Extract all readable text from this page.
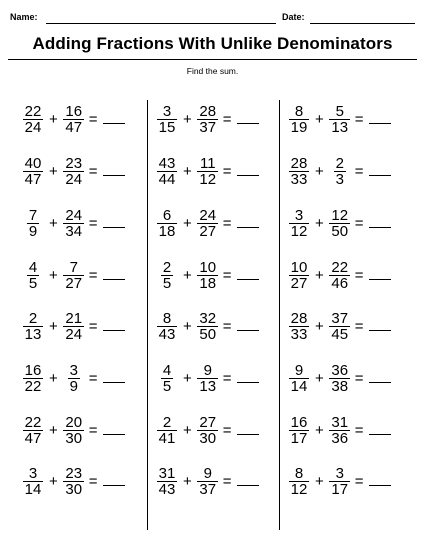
Name:	Date:
Adding Fractions With Unlike Denominators
Find the sum.
$\frac{22}{24} + \frac{16}{47}$ =
$\frac{40}{47} + \frac{23}{24}$ =
$\frac{7}{9} + \frac{24}{34}$ =
$\frac{4}{5} + \frac{7}{27}$ =
$\frac{2}{13} + \frac{21}{24}$ =
$\frac{16}{22} + \frac{3}{9}$ =
$\frac{22}{47} + \frac{20}{30}$ =
$\frac{3}{14} + \frac{23}{30}$ =
$\frac{3}{15} + \frac{28}{37}$ =
$\frac{43}{44} + \frac{11}{12}$ =
$\frac{6}{18} + \frac{24}{27}$ =
$\frac{2}{5} + \frac{10}{18}$ =
$\frac{8}{43} + \frac{32}{50}$ =
$\frac{4}{5} + \frac{9}{13}$ =
$\frac{2}{41} + \frac{27}{30}$ =
$\frac{31}{43} + \frac{9}{37}$ =
$\frac{8}{19} + \frac{5}{13}$ =
$\frac{28}{33} + \frac{2}{3}$ =
$\frac{3}{12} + \frac{12}{50}$ =
$\frac{10}{27} + \frac{22}{46}$ =
$\frac{28}{33} + \frac{37}{45}$ =
$\frac{9}{14} + \frac{36}{38}$ =
$\frac{16}{17} + \frac{31}{36}$ =
$\frac{8}{12} + \frac{3}{17}$ =
